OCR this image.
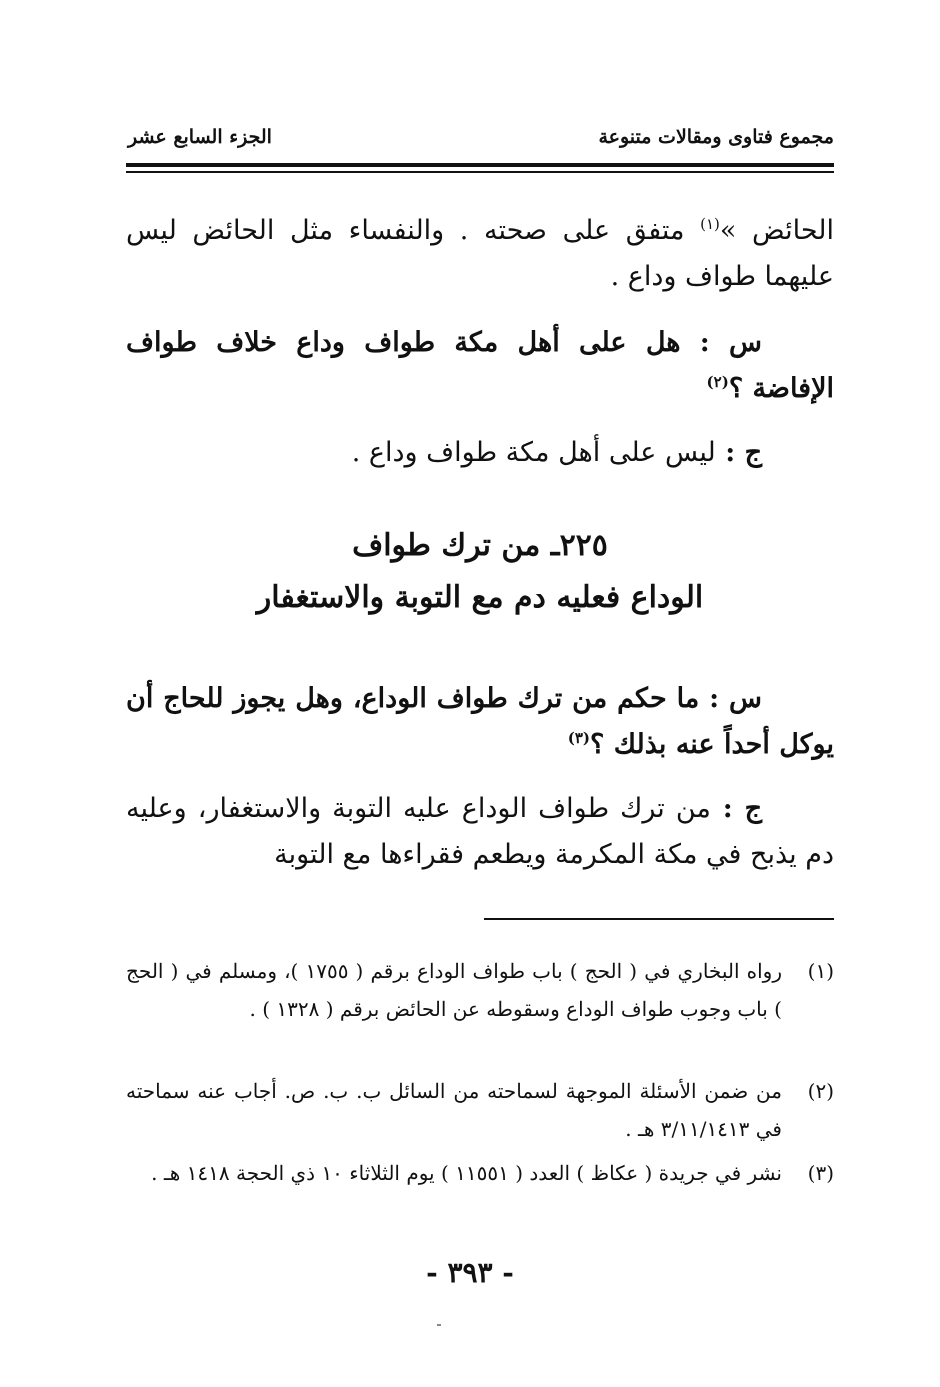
مجموع فتاوى ومقالات متنوعة
الجزء السابع عشر
الحائض »$^{(١)}$ متفق على صحته . والنفساء مثل الحائض ليس عليهما طواف وداع .
س : هل على أهل مكة طواف وداع خلاف طواف الإفاضة ؟$^{(٢)}$
ج : ليس على أهل مكة طواف وداع .
٢٢٥ـ من ترك طواف
الوداع فعليه دم مع التوبة والاستغفار
س : ما حكم من ترك طواف الوداع، وهل يجوز للحاج أن يوكل أحداً عنه بذلك ؟$^{(٣)}$
ج : من ترك طواف الوداع عليه التوبة والاستغفار، وعليه دم يذبح في مكة المكرمة ويطعم فقراءها مع التوبة
(١)
رواه البخاري في ( الحج ) باب طواف الوداع برقم ( ١٧٥٥ )، ومسلم في ( الحج ) باب وجوب طواف الوداع وسقوطه عن الحائض برقم ( ١٣٢٨ ) .
(٢)
من ضمن الأسئلة الموجهة لسماحته من السائل ب. ب. ص. أجاب عنه سماحته في ٣/١١/١٤١٣ هـ .
(٣)
نشر في جريدة ( عكاظ ) العدد ( ١١٥٥١ ) يوم الثلاثاء ١٠ ذي الحجة ١٤١٨ هـ .
- ٣٩٣ -
